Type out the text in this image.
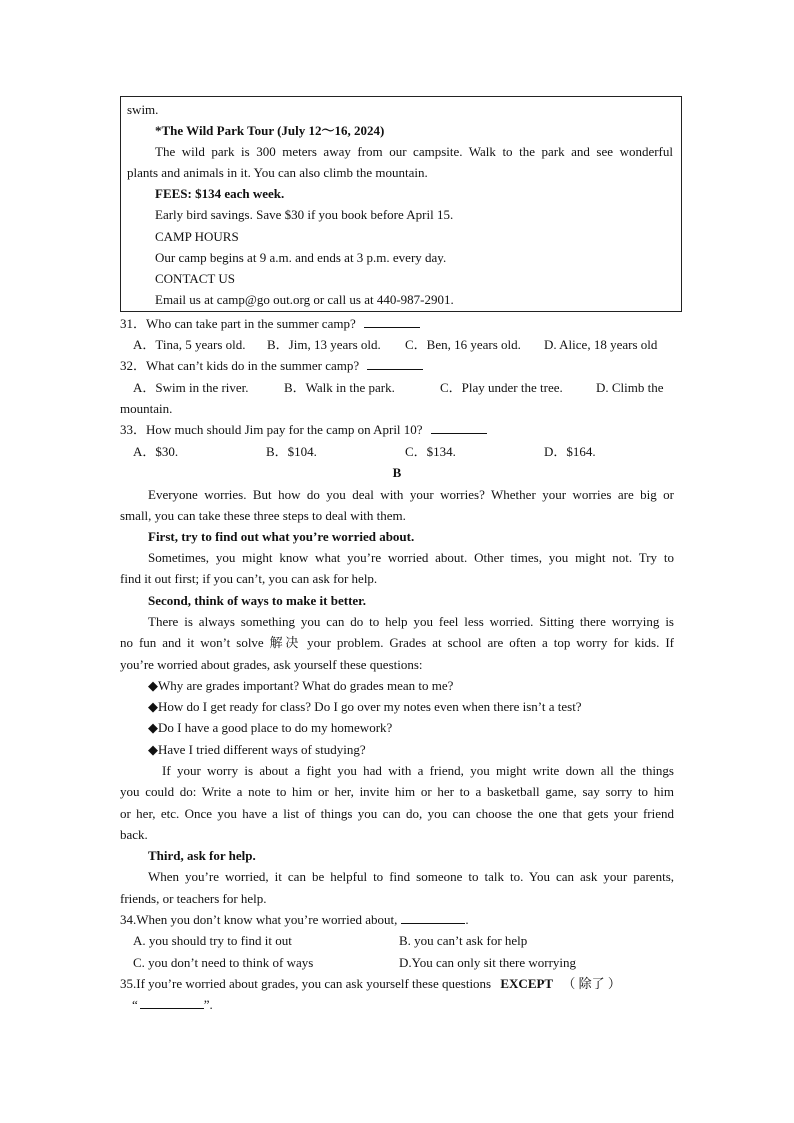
swim.
*The Wild Park Tour (July 12～16, 2024)
The wild park is 300 meters away from our campsite. Walk to the park and see wonderful
plants and animals in it. You can also climb the mountain.
FEES: $134 each week.
Early bird savings. Save $30 if you book before April 15.
CAMP HOURS
Our camp begins at 9 a.m. and ends at 3 p.m. every day.
CONTACT US
Email us at camp@go out.org or call us at 440-987-2901.
31．Who can take part in the summer camp?
A．Tina, 5 years old. B．Jim, 13 years old. C．Ben, 16 years old. D. Alice, 18 years old
32．What can’t kids do in the summer camp?
A．Swim in the river.	B．Walk in the park.	C．Play under the tree.	D. Climb the
mountain.
33．How much should Jim pay for the camp on April 10?
A．$30.	B．$104.	C．$134.	D．$164.
B
Everyone worries. But how do you deal with your worries? Whether your worries are big or
small, you can take these three steps to deal with them.
First, try to find out what you’re worried about.
Sometimes, you might know what you’re worried about. Other times, you might not. Try to
find it out first; if you can’t, you can ask for help.
Second, think of ways to make it better.
There is always something you can do to help you feel less worried. Sitting there worrying is
no fun and it won’t solve 解决 your problem. Grades at school are often a top worry for kids. If
you’re worried about grades, ask yourself these questions:
◆Why are grades important? What do grades mean to me?
◆How do I get ready for class? Do I go over my notes even when there isn’t a test?
◆Do I have a good place to do my homework?
◆Have I tried different ways of studying?
If your worry is about a fight you had with a friend, you might write down all the things
you could do: Write a note to him or her, invite him or her to a basketball game, say sorry to him
or her, etc. Once you have a list of things you can do, you can choose the one that gets your friend
back.
Third, ask for help.
When you’re worried, it can be helpful to find someone to talk to. You can ask your parents,
friends, or teachers for help.
34.When you don’t know what you’re worried about,	.
A. you should try to find it out	B. you can’t ask for help
C. you don’t need to think of ways	D.You can only sit there worrying
35.If you’re worried about grades, you can ask yourself these questions EXCEPT （ 除了 ）
“	”.
